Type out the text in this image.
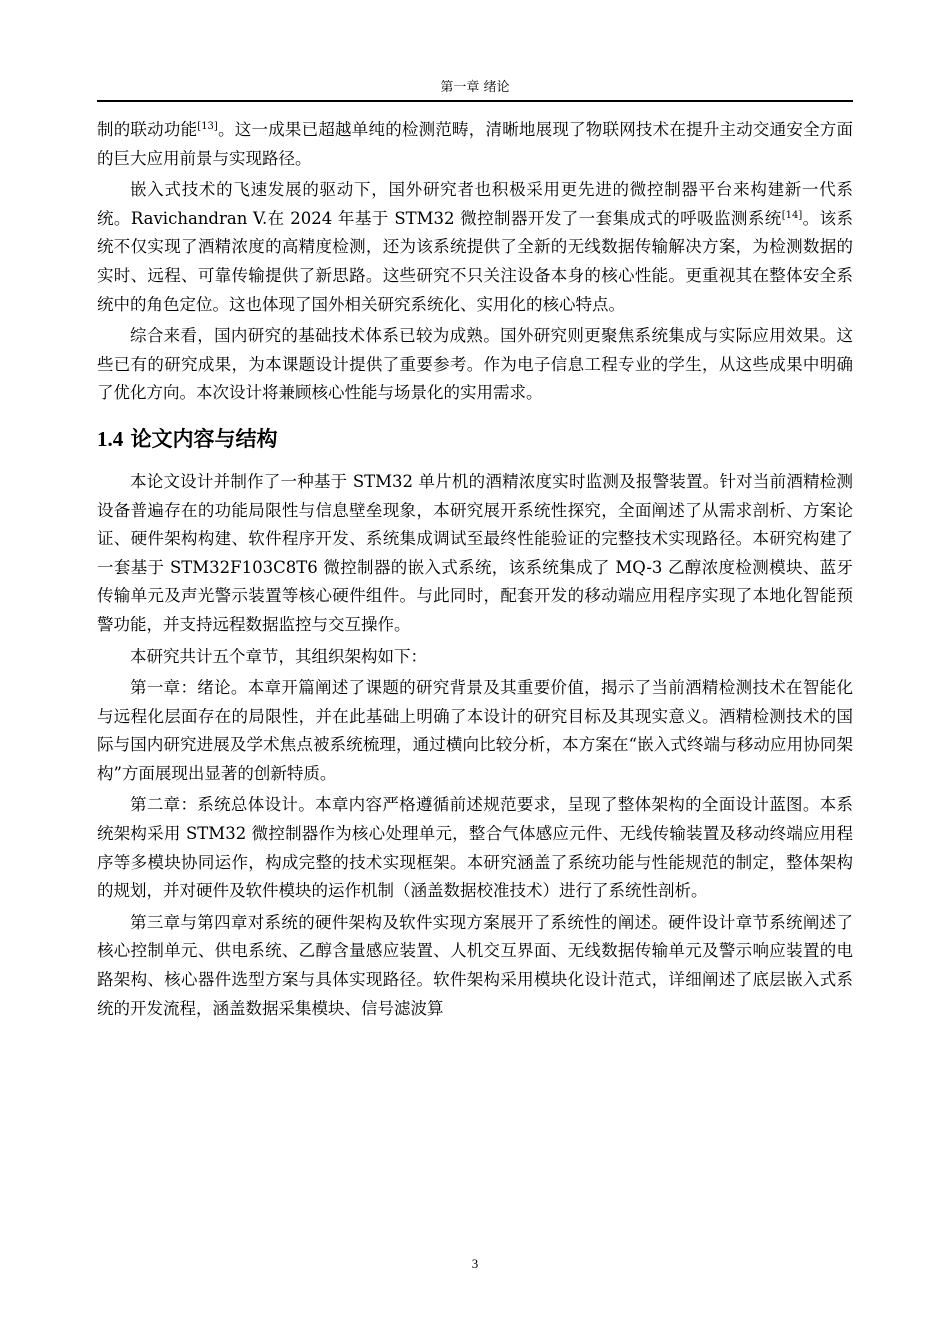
第一章 绪论

制的联动功能[13]。这一成果已超越单纯的检测范畴，清晰地展现了物联网技术在提升主动交通安全方面的巨大应用前景与实现路径。

嵌入式技术的飞速发展的驱动下，国外研究者也积极采用更先进的微控制器平台来构建新一代系统。Ravichandran V.在 2024 年基于 STM32 微控制器开发了一套集成式的呼吸监测系统[14]。该系统不仅实现了酒精浓度的高精度检测，还为该系统提供了全新的无线数据传输解决方案，为检测数据的实时、远程、可靠传输提供了新思路。这些研究不只关注设备本身的核心性能。更重视其在整体安全系统中的角色定位。这也体现了国外相关研究系统化、实用化的核心特点。

综合来看，国内研究的基础技术体系已较为成熟。国外研究则更聚焦系统集成与实际应用效果。这些已有的研究成果，为本课题设计提供了重要参考。作为电子信息工程专业的学生，从这些成果中明确了优化方向。本次设计将兼顾核心性能与场景化的实用需求。

1.4 论文内容与结构

本论文设计并制作了一种基于 STM32 单片机的酒精浓度实时监测及报警装置。针对当前酒精检测设备普遍存在的功能局限性与信息壁垒现象，本研究展开系统性探究，全面阐述了从需求剖析、方案论证、硬件架构构建、软件程序开发、系统集成调试至最终性能验证的完整技术实现路径。本研究构建了一套基于 STM32F103C8T6 微控制器的嵌入式系统，该系统集成了 MQ-3 乙醇浓度检测模块、蓝牙传输单元及声光警示装置等核心硬件组件。与此同时，配套开发的移动端应用程序实现了本地化智能预警功能，并支持远程数据监控与交互操作。

本研究共计五个章节，其组织架构如下：

第一章：绪论。本章开篇阐述了课题的研究背景及其重要价值，揭示了当前酒精检测技术在智能化与远程化层面存在的局限性，并在此基础上明确了本设计的研究目标及其现实意义。酒精检测技术的国际与国内研究进展及学术焦点被系统梳理，通过横向比较分析，本方案在“嵌入式终端与移动应用协同架构”方面展现出显著的创新特质。

第二章：系统总体设计。本章内容严格遵循前述规范要求，呈现了整体架构的全面设计蓝图。本系统架构采用 STM32 微控制器作为核心处理单元，整合气体感应元件、无线传输装置及移动终端应用程序等多模块协同运作，构成完整的技术实现框架。本研究涵盖了系统功能与性能规范的制定，整体架构的规划，并对硬件及软件模块的运作机制（涵盖数据校准技术）进行了系统性剖析。

第三章与第四章对系统的硬件架构及软件实现方案展开了系统性的阐述。硬件设计章节系统阐述了核心控制单元、供电系统、乙醇含量感应装置、人机交互界面、无线数据传输单元及警示响应装置的电路架构、核心器件选型方案与具体实现路径。软件架构采用模块化设计范式，详细阐述了底层嵌入式系统的开发流程，涵盖数据采集模块、信号滤波算

3
